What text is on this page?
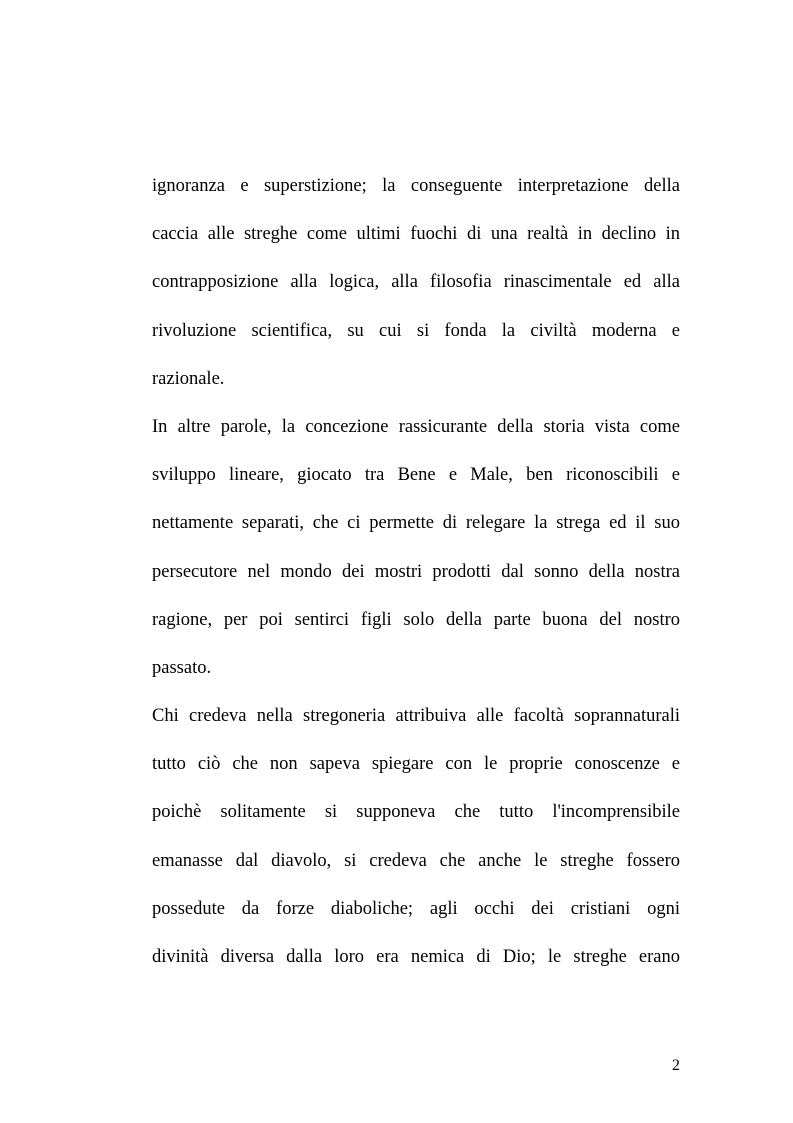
ignoranza e superstizione; la conseguente interpretazione della
caccia alle streghe come ultimi fuochi di una realtà in declino in
contrapposizione alla logica, alla filosofia rinascimentale ed alla
rivoluzione scientifica, su cui si fonda la civiltà moderna e
razionale.
In altre parole, la concezione rassicurante della storia vista come
sviluppo lineare, giocato tra Bene e Male, ben riconoscibili e
nettamente separati, che ci permette di relegare la strega ed il suo
persecutore nel mondo dei mostri prodotti dal sonno della nostra
ragione, per poi sentirci figli solo della parte buona del nostro
passato.
Chi credeva nella stregoneria attribuiva alle facoltà soprannaturali
tutto ciò che non sapeva spiegare con le proprie conoscenze e
poichè solitamente si supponeva che tutto l'incomprensibile
emanasse dal diavolo, si credeva che anche le streghe fossero
possedute da forze diaboliche; agli occhi dei cristiani ogni
divinità diversa dalla loro era nemica di Dio; le streghe erano
2
